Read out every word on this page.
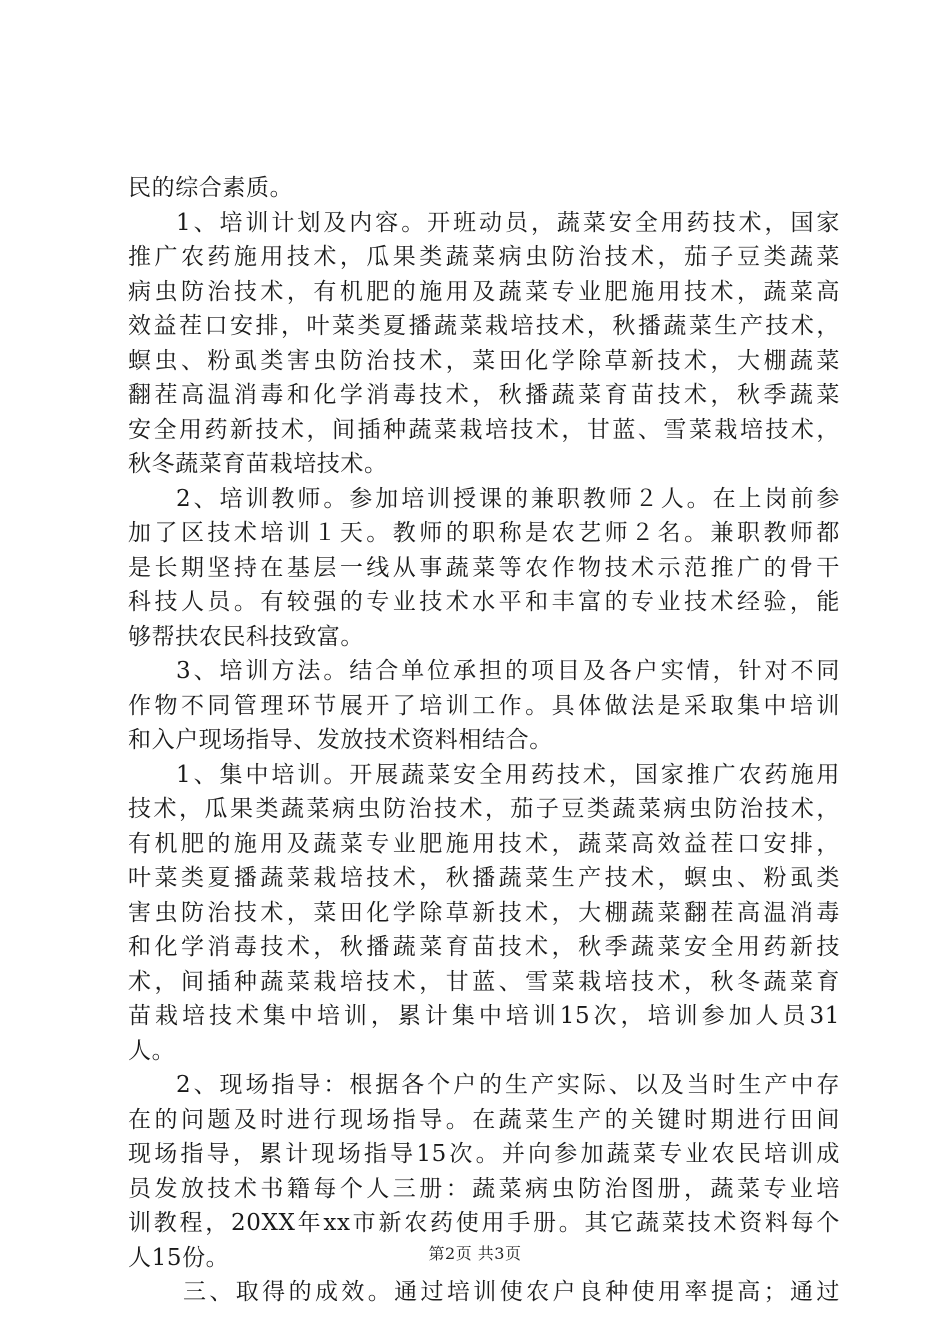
民的综合素质。
1、培训计划及内容。开班动员，蔬菜安全用药技术，国家
推广农药施用技术，瓜果类蔬菜病虫防治技术，茄子豆类蔬菜
病虫防治技术，有机肥的施用及蔬菜专业肥施用技术，蔬菜高
效益茬口安排，叶菜类夏播蔬菜栽培技术，秋播蔬菜生产技术，
螟虫、粉虱类害虫防治技术，菜田化学除草新技术，大棚蔬菜
翻茬高温消毒和化学消毒技术，秋播蔬菜育苗技术，秋季蔬菜
安全用药新技术，间插种蔬菜栽培技术，甘蓝、雪菜栽培技术，
秋冬蔬菜育苗栽培技术。
2、培训教师。参加培训授课的兼职教师２人。在上岗前参
加了区技术培训１天。教师的职称是农艺师２名。兼职教师都
是长期坚持在基层一线从事蔬菜等农作物技术示范推广的骨干
科技人员。有较强的专业技术水平和丰富的专业技术经验，能
够帮扶农民科技致富。
3、培训方法。结合单位承担的项目及各户实情，针对不同
作物不同管理环节展开了培训工作。具体做法是采取集中培训
和入户现场指导、发放技术资料相结合。
1、集中培训。开展蔬菜安全用药技术，国家推广农药施用
技术，瓜果类蔬菜病虫防治技术，茄子豆类蔬菜病虫防治技术，
有机肥的施用及蔬菜专业肥施用技术，蔬菜高效益茬口安排，
叶菜类夏播蔬菜栽培技术，秋播蔬菜生产技术，螟虫、粉虱类
害虫防治技术，菜田化学除草新技术，大棚蔬菜翻茬高温消毒
和化学消毒技术，秋播蔬菜育苗技术，秋季蔬菜安全用药新技
术，间插种蔬菜栽培技术，甘蓝、雪菜栽培技术，秋冬蔬菜育
苗栽培技术集中培训，累计集中培训15次，培训参加人员31
人。
2、现场指导：根据各个户的生产实际、以及当时生产中存
在的问题及时进行现场指导。在蔬菜生产的关键时期进行田间
现场指导，累计现场指导15次。并向参加蔬菜专业农民培训成
员发放技术书籍每个人三册：蔬菜病虫防治图册，蔬菜专业培
训教程，20XX年xx市新农药使用手册。其它蔬菜技术资料每个
人15份。
三、取得的成效。通过培训使农户良种使用率提高；通过
第2页 共3页
